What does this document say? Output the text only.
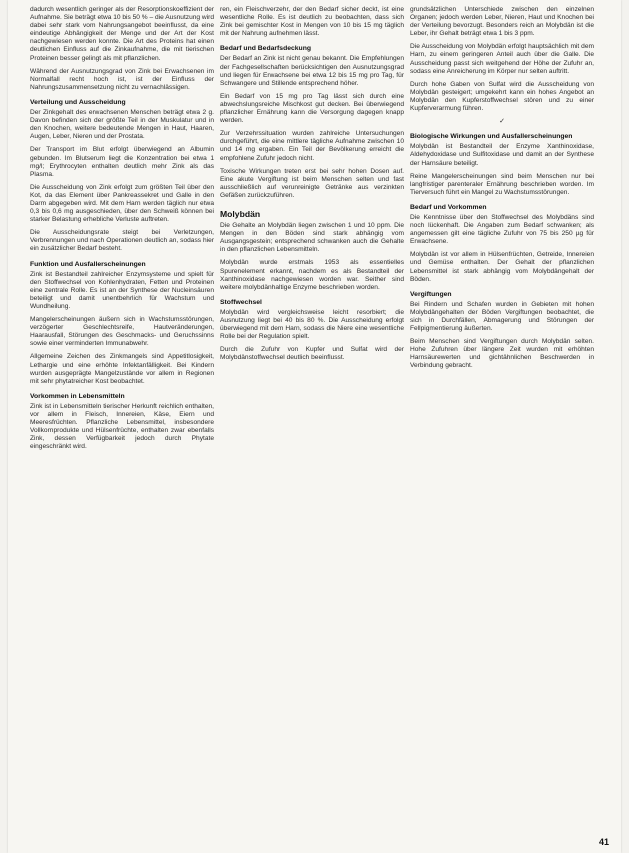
dadurch wesentlich geringer als der Resorptionskoeffizient der Aufnahme. Sie beträgt etwa 10 bis 50 % – die Ausnutzung wird dabei sehr stark vom Nahrungsangebot beeinflusst, da eine eindeutige Abhängigkeit der Menge und der Art der Kost nachgewiesen werden konnte. Die Art des Proteins hat einen deutlichen Einfluss auf die Zinkaufnahme, die mit tierischen Proteinen besser gelingt als mit pflanzlichen.

Während der Ausnutzungsgrad von Zink bei Erwachsenen im Normalfall recht hoch ist, ist der Einfluss der Nahrungszusammensetzung nicht zu vernachlässigen.

Verteilung und Ausscheidung

Der Zinkgehalt des erwachsenen Menschen beträgt etwa 2 g. Davon befinden sich der größte Teil in der Muskulatur und in den Knochen, weitere bedeutende Mengen in Haut, Haaren, Augen, Leber, Nieren und der Prostata.

Der Transport im Blut erfolgt überwiegend an Albumin gebunden. Im Blutserum liegt die Konzentration bei etwa 1 mg/l; Erythrocyten enthalten deutlich mehr Zink als das Plasma.

Die Ausscheidung von Zink erfolgt zum größten Teil über den Kot, da das Element über Pankreassekret und Galle in den Darm abgegeben wird. Mit dem Harn werden täglich nur etwa 0,3 bis 0,6 mg ausgeschieden, über den Schweiß können bei starker Belastung erhebliche Verluste auftreten.

Die Ausscheidungsrate steigt bei Verletzungen, Verbrennungen und nach Operationen deutlich an, sodass hier ein zusätzlicher Bedarf besteht.

Funktion und Ausfallerscheinungen

Zink ist Bestandteil zahlreicher Enzymsysteme und spielt für den Stoffwechsel von Kohlenhydraten, Fetten und Proteinen eine zentrale Rolle. Es ist an der Synthese der Nucleinsäuren beteiligt und damit unentbehrlich für Wachstum und Wundheilung.

Mangelerscheinungen äußern sich in Wachstumsstörungen, verzögerter Geschlechtsreife, Hautveränderungen, Haarausfall, Störungen des Geschmacks- und Geruchssinns sowie einer verminderten Immunabwehr.

Allgemeine Zeichen des Zinkmangels sind Appetitlosigkeit, Lethargie und eine erhöhte Infektanfälligkeit. Bei Kindern wurden ausgeprägte Mangelzustände vor allem in Regionen mit sehr phytatreicher Kost beobachtet.

Vorkommen in Lebensmitteln

Zink ist in Lebensmitteln tierischer Herkunft reichlich enthalten, vor allem in Fleisch, Innereien, Käse, Eiern und Meeresfrüchten. Pflanzliche Lebensmittel, insbesondere Vollkornprodukte und Hülsenfrüchte, enthalten zwar ebenfalls Zink, dessen Verfügbarkeit jedoch durch Phytate eingeschränkt wird.

ren, ein Fleischverzehr, der den Bedarf sicher deckt, ist eine wesentliche Rolle. Es ist deutlich zu beobachten, dass sich Zink bei gemischter Kost in Mengen von 10 bis 15 mg täglich mit der Nahrung aufnehmen lässt.

Bedarf und Bedarfsdeckung

Der Bedarf an Zink ist nicht genau bekannt. Die Empfehlungen der Fachgesellschaften berücksichtigen den Ausnutzungsgrad und liegen für Erwachsene bei etwa 12 bis 15 mg pro Tag, für Schwangere und Stillende entsprechend höher.

Ein Bedarf von 15 mg pro Tag lässt sich durch eine abwechslungsreiche Mischkost gut decken. Bei überwiegend pflanzlicher Ernährung kann die Versorgung dagegen knapp werden.

Zur Verzehrssituation wurden zahlreiche Untersuchungen durchgeführt, die eine mittlere tägliche Aufnahme zwischen 10 und 14 mg ergaben. Ein Teil der Bevölkerung erreicht die empfohlene Zufuhr jedoch nicht.

Toxische Wirkungen treten erst bei sehr hohen Dosen auf. Eine akute Vergiftung ist beim Menschen selten und fast ausschließlich auf verunreinigte Getränke aus verzinkten Gefäßen zurückzuführen.

Molybdän

Die Gehalte an Molybdän liegen zwischen 1 und 10 ppm. Die Mengen in den Böden sind stark abhängig vom Ausgangsgestein; entsprechend schwanken auch die Gehalte in den pflanzlichen Lebensmitteln.

Molybdän wurde erstmals 1953 als essentielles Spurenelement erkannt, nachdem es als Bestandteil der Xanthinoxidase nachgewiesen worden war. Seither sind weitere molybdänhaltige Enzyme beschrieben worden.

Stoffwechsel

Molybdän wird vergleichsweise leicht resorbiert; die Ausnutzung liegt bei 40 bis 80 %. Die Ausscheidung erfolgt überwiegend mit dem Harn, sodass die Niere eine wesentliche Rolle bei der Regulation spielt.

Durch die Zufuhr von Kupfer und Sulfat wird der Molybdänstoffwechsel deutlich beeinflusst.

grundsätzlichen Unterschiede zwischen den einzelnen Organen; jedoch werden Leber, Nieren, Haut und Knochen bei der Verteilung bevorzugt. Besonders reich an Molybdän ist die Leber, ihr Gehalt beträgt etwa 1 bis 3 ppm.

Die Ausscheidung von Molybdän erfolgt hauptsächlich mit dem Harn, zu einem geringeren Anteil auch über die Galle. Die Ausscheidung passt sich weitgehend der Höhe der Zufuhr an, sodass eine Anreicherung im Körper nur selten auftritt.

Durch hohe Gaben von Sulfat wird die Ausscheidung von Molybdän gesteigert; umgekehrt kann ein hohes Angebot an Molybdän den Kupferstoffwechsel stören und zu einer Kupferverarmung führen.

✓
Biologische Wirkungen und Ausfallerscheinungen

Molybdän ist Bestandteil der Enzyme Xanthinoxidase, Aldehydoxidase und Sulfitoxidase und damit an der Synthese der Harnsäure beteiligt.

Reine Mangelerscheinungen sind beim Menschen nur bei langfristiger parenteraler Ernährung beschrieben worden. Im Tierversuch führt ein Mangel zu Wachstumsstörungen.

Bedarf und Vorkommen

Die Kenntnisse über den Stoffwechsel des Molybdäns sind noch lückenhaft. Die Angaben zum Bedarf schwanken; als angemessen gilt eine tägliche Zufuhr von 75 bis 250 µg für Erwachsene.

Molybdän ist vor allem in Hülsenfrüchten, Getreide, Innereien und Gemüse enthalten. Der Gehalt der pflanzlichen Lebensmittel ist stark abhängig vom Molybdängehalt der Böden.

Vergiftungen

Bei Rindern und Schafen wurden in Gebieten mit hohen Molybdängehalten der Böden Vergiftungen beobachtet, die sich in Durchfällen, Abmagerung und Störungen der Fellpigmentierung äußerten.

Beim Menschen sind Vergiftungen durch Molybdän selten. Hohe Zufuhren über längere Zeit wurden mit erhöhten Harnsäurewerten und gichtähnlichen Beschwerden in Verbindung gebracht.

41
